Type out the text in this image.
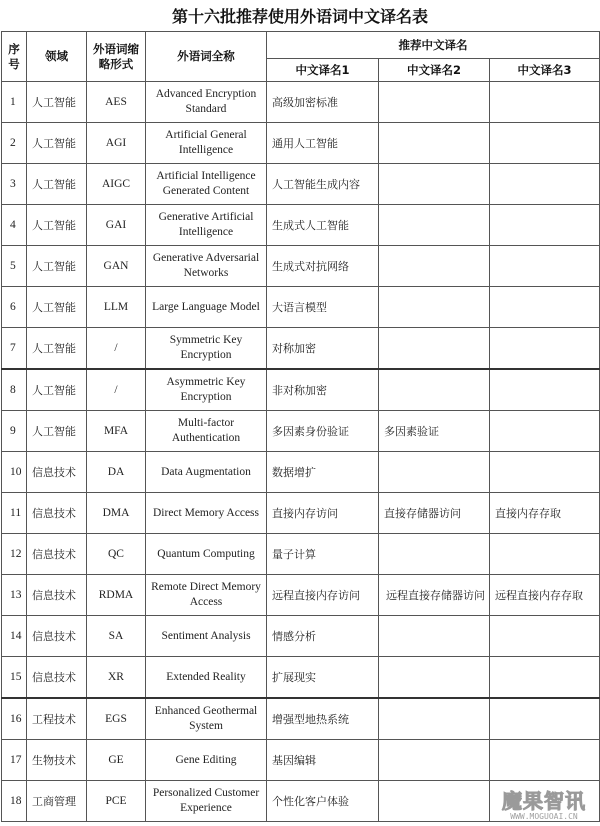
第十六批推荐使用外语词中文译名表
序号	领域	外语词缩略形式	外语词全称	推荐中文译名		
				中文译名1	中文译名2	中文译名3
1	人工智能	AES	Advanced Encryption Standard	高级加密标准		
2	人工智能	AGI	Artificial General Intelligence	通用人工智能		
3	人工智能	AIGC	Artificial Intelligence Generated Content	人工智能生成内容		
4	人工智能	GAI	Generative Artificial Intelligence	生成式人工智能		
5	人工智能	GAN	Generative Adversarial Networks	生成式对抗网络		
6	人工智能	LLM	Large Language Model	大语言模型		
7	人工智能	/	Symmetric Key Encryption	对称加密		
8	人工智能	/	Asymmetric Key Encryption	非对称加密		
9	人工智能	MFA	Multi-factor Authentication	多因素身份验证	多因素验证	
10	信息技术	DA	Data Augmentation	数据增扩		
11	信息技术	DMA	Direct Memory Access	直接内存访问	直接存储器访问	直接内存存取
12	信息技术	QC	Quantum Computing	量子计算		
13	信息技术	RDMA	Remote Direct Memory Access	远程直接内存访问	远程直接存储器访问	远程直接内存存取
14	信息技术	SA	Sentiment Analysis	情感分析		
15	信息技术	XR	Extended Reality	扩展现实		
16	工程技术	EGS	Enhanced Geothermal System	增强型地热系统		
17	生物技术	GE	Gene Editing	基因编辑		
18	工商管理	PCE	Personalized Customer Experience	个性化客户体验			魔果智讯
WWW.MOGUOAI.CN
